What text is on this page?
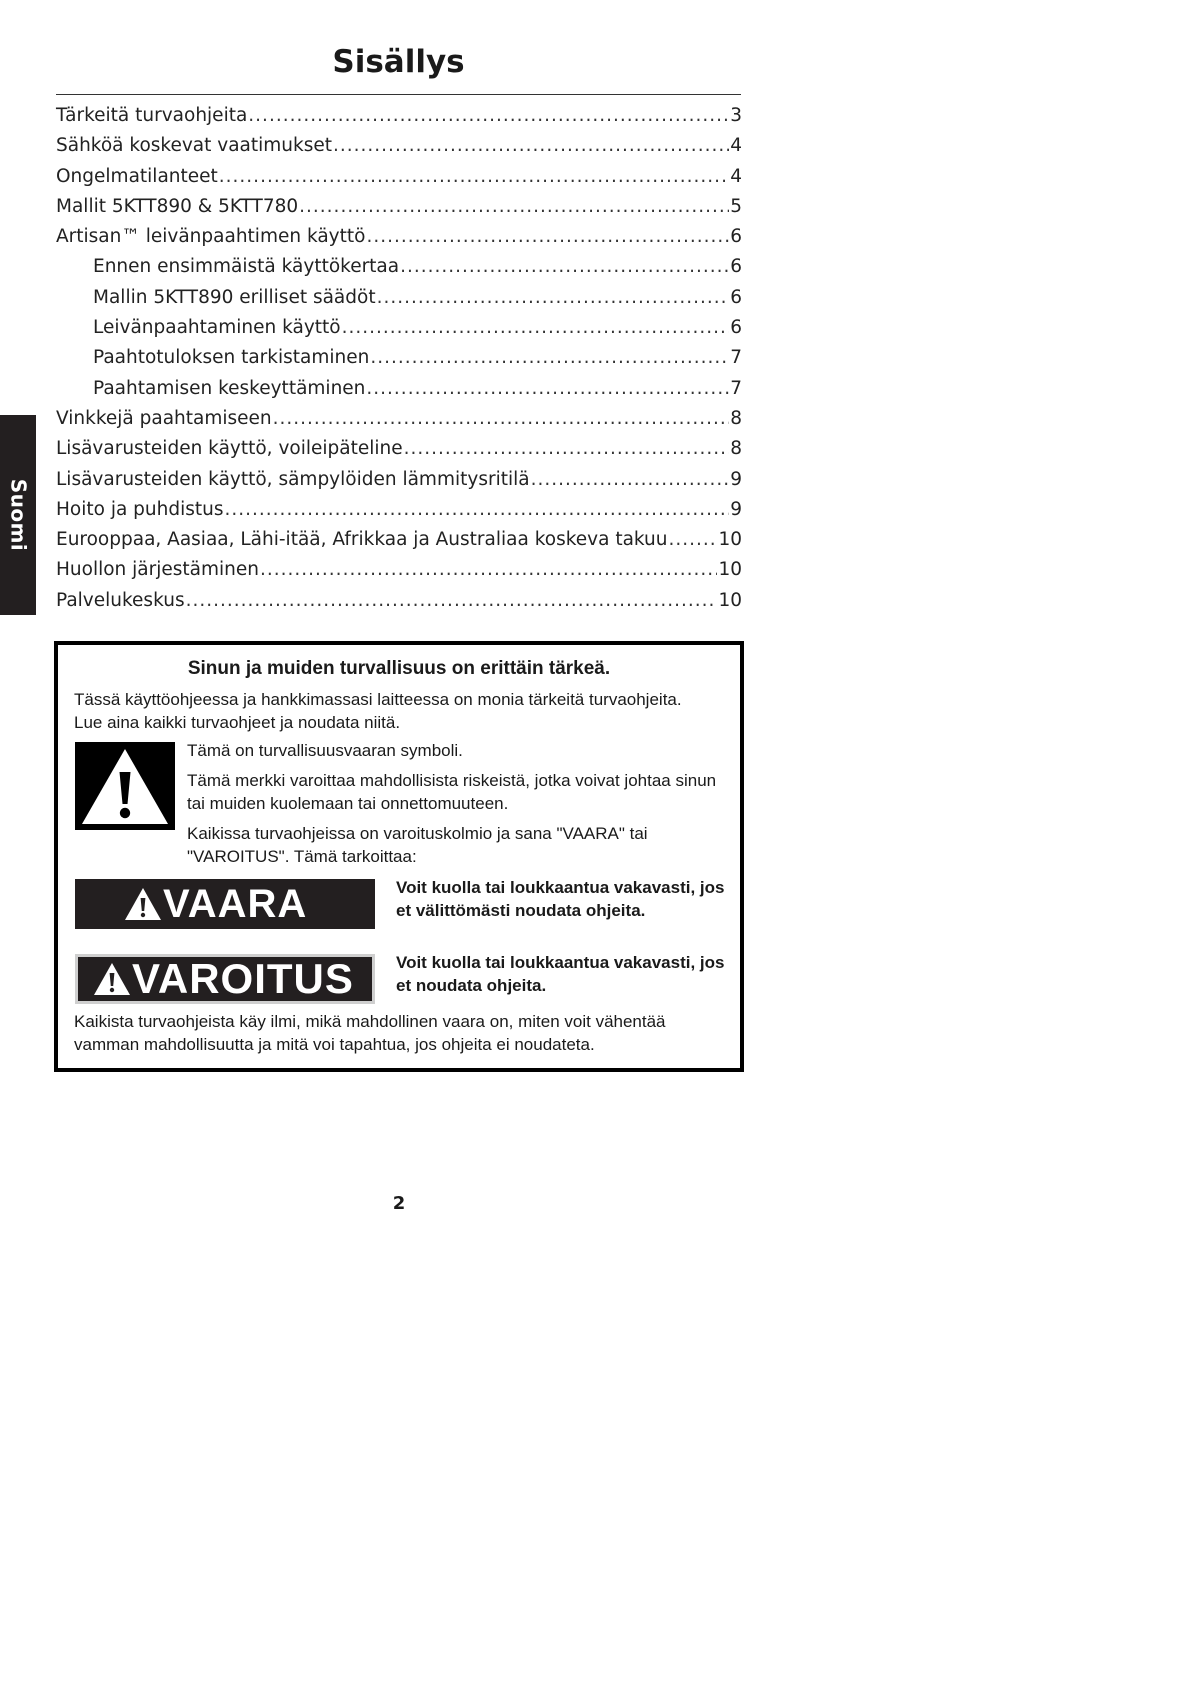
Suomi
Sisällys
Tärkeitä turvaohjeita .....	3
Sähköä koskevat vaatimukset .....	4
Ongelmatilanteet .....	4
Mallit 5KTT890 & 5KTT780 .....	5
Artisan™ leivänpaahtimen käyttö .....	6
Ennen ensimmäistä käyttökertaa .....	6
Mallin 5KTT890 erilliset säädöt .....	6
Leivänpaahtaminen käyttö .....	6
Paahtotuloksen tarkistaminen .....	7
Paahtamisen keskeyttäminen .....	7
Vinkkejä paahtamiseen .....	8
Lisävarusteiden käyttö, voileipäteline .....	8
Lisävarusteiden käyttö, sämpylöiden lämmitysritilä .....	9
Hoito ja puhdistus .....	9
Eurooppaa, Aasiaa, Lähi-itää, Afrikkaa ja Australiaa koskeva takuu .....	10
Huollon järjestäminen .....	10
Palvelukeskus .....	10
Sinun ja muiden turvallisuus on erittäin tärkeä.
Tässä käyttöohjeessa ja hankkimassasi laitteessa on monia tärkeitä turvaohjeita. Lue aina kaikki turvaohjeet ja noudata niitä.
Tämä on turvallisuusvaaran symboli.
Tämä merkki varoittaa mahdollisista riskeistä, jotka voivat johtaa sinun tai muiden kuolemaan tai onnettomuuteen.
Kaikissa turvaohjeissa on varoituskolmio ja sana "VAARA" tai "VAROITUS". Tämä tarkoittaa:
VAARA	Voit kuolla tai loukkaantua vakavasti, jos et välittömästi noudata ohjeita.
VAROITUS Voit kuolla tai loukkaantua vakavasti, jos et noudata ohjeita.
Kaikista turvaohjeista käy ilmi, mikä mahdollinen vaara on, miten voit vähentää vamman mahdollisuutta ja mitä voi tapahtua, jos ohjeita ei noudateta.
2
